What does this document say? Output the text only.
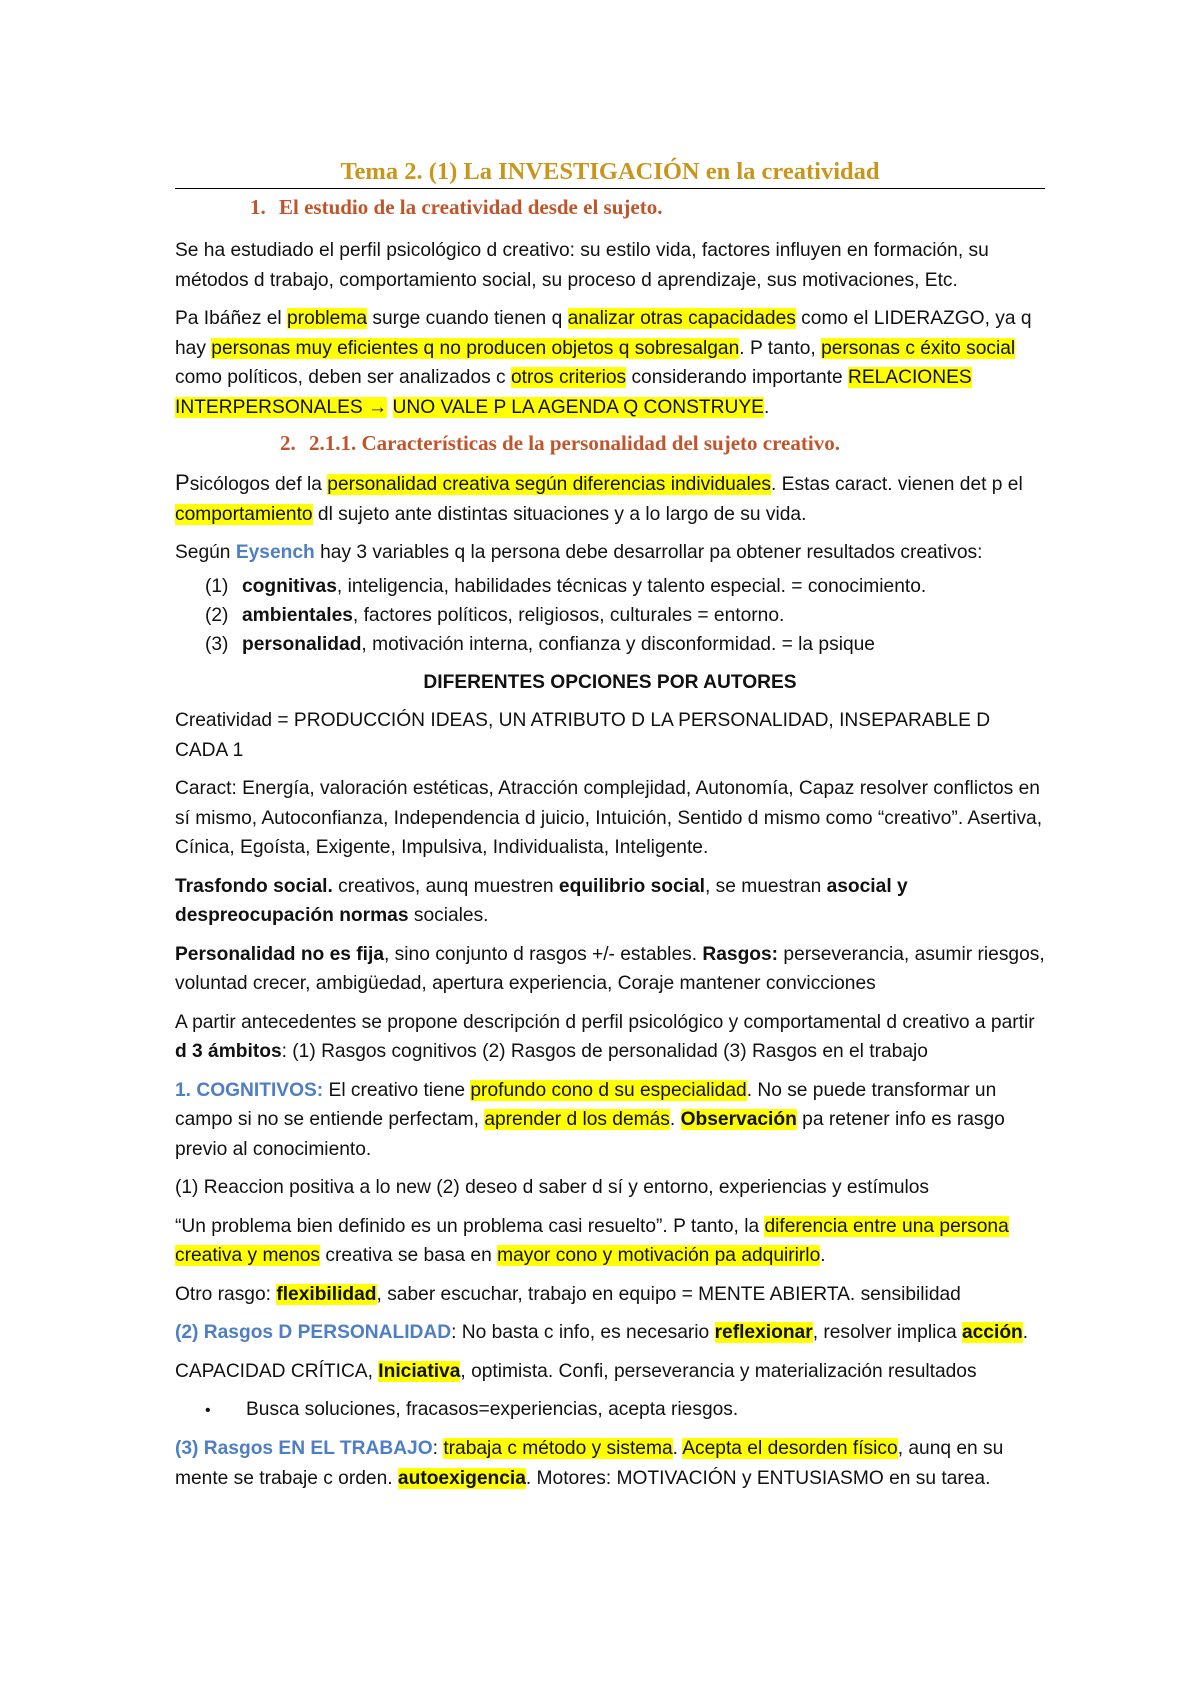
Tema 2. (1) La INVESTIGACIÓN en la creatividad
1. El estudio de la creatividad desde el sujeto.

Se ha estudiado el perfil psicológico d creativo: su estilo vida, factores influyen en formación, su métodos d trabajo, comportamiento social, su proceso d aprendizaje, sus motivaciones, Etc.

Pa Ibáñez el problema surge cuando tienen q analizar otras capacidades como el LIDERAZGO, ya q hay personas muy eficientes q no producen objetos q sobresalgan. P tanto, personas c éxito social como políticos, deben ser analizados c otros criterios considerando importante RELACIONES INTERPERSONALES → UNO VALE P LA AGENDA Q CONSTRUYE.

2. 2.1.1. Características de la personalidad del sujeto creativo.

Psicólogos def la personalidad creativa según diferencias individuales. Estas caract. vienen det p el comportamiento dl sujeto ante distintas situaciones y a lo largo de su vida.

Según Eysench hay 3 variables q la persona debe desarrollar pa obtener resultados creativos:

(1) cognitivas, inteligencia, habilidades técnicas y talento especial. = conocimiento.
(2) ambientales, factores políticos, religiosos, culturales = entorno.
(3) personalidad, motivación interna, confianza y disconformidad. = la psique

DIFERENTES OPCIONES POR AUTORES

Creatividad = PRODUCCIÓN IDEAS, UN ATRIBUTO D LA PERSONALIDAD, INSEPARABLE D CADA 1

Caract: Energía, valoración estéticas, Atracción complejidad, Autonomía, Capaz resolver conflictos en sí mismo, Autoconfianza, Independencia d juicio, Intuición, Sentido d mismo como “creativo”. Asertiva, Cínica, Egoísta, Exigente, Impulsiva, Individualista, Inteligente.

Trasfondo social. creativos, aunq muestren equilibrio social, se muestran asocial y despreocupación normas sociales.

Personalidad no es fija, sino conjunto d rasgos +/- estables. Rasgos: perseverancia, asumir riesgos, voluntad crecer, ambigüedad, apertura experiencia, Coraje mantener convicciones

A partir antecedentes se propone descripción d perfil psicológico y comportamental d creativo a partir d 3 ámbitos: (1) Rasgos cognitivos (2) Rasgos de personalidad (3) Rasgos en el trabajo

1. COGNITIVOS: El creativo tiene profundo cono d su especialidad. No se puede transformar un campo si no se entiende perfectam, aprender d los demás. Observación pa retener info es rasgo previo al conocimiento.

(1) Reaccion positiva a lo new (2) deseo d saber d sí y entorno, experiencias y estímulos

“Un problema bien definido es un problema casi resuelto”. P tanto, la diferencia entre una persona creativa y menos creativa se basa en mayor cono y motivación pa adquirirlo.

Otro rasgo: flexibilidad, saber escuchar, trabajo en equipo = MENTE ABIERTA. sensibilidad

(2) Rasgos D PERSONALIDAD: No basta c info, es necesario reflexionar, resolver implica acción.

CAPACIDAD CRÍTICA, Iniciativa, optimista. Confi, perseverancia y materialización resultados

• Busca soluciones, fracasos=experiencias, acepta riesgos.

(3) Rasgos EN EL TRABAJO: trabaja c método y sistema. Acepta el desorden físico, aunq en su mente se trabaje c orden. autoexigencia. Motores: MOTIVACIÓN y ENTUSIASMO en su tarea.
